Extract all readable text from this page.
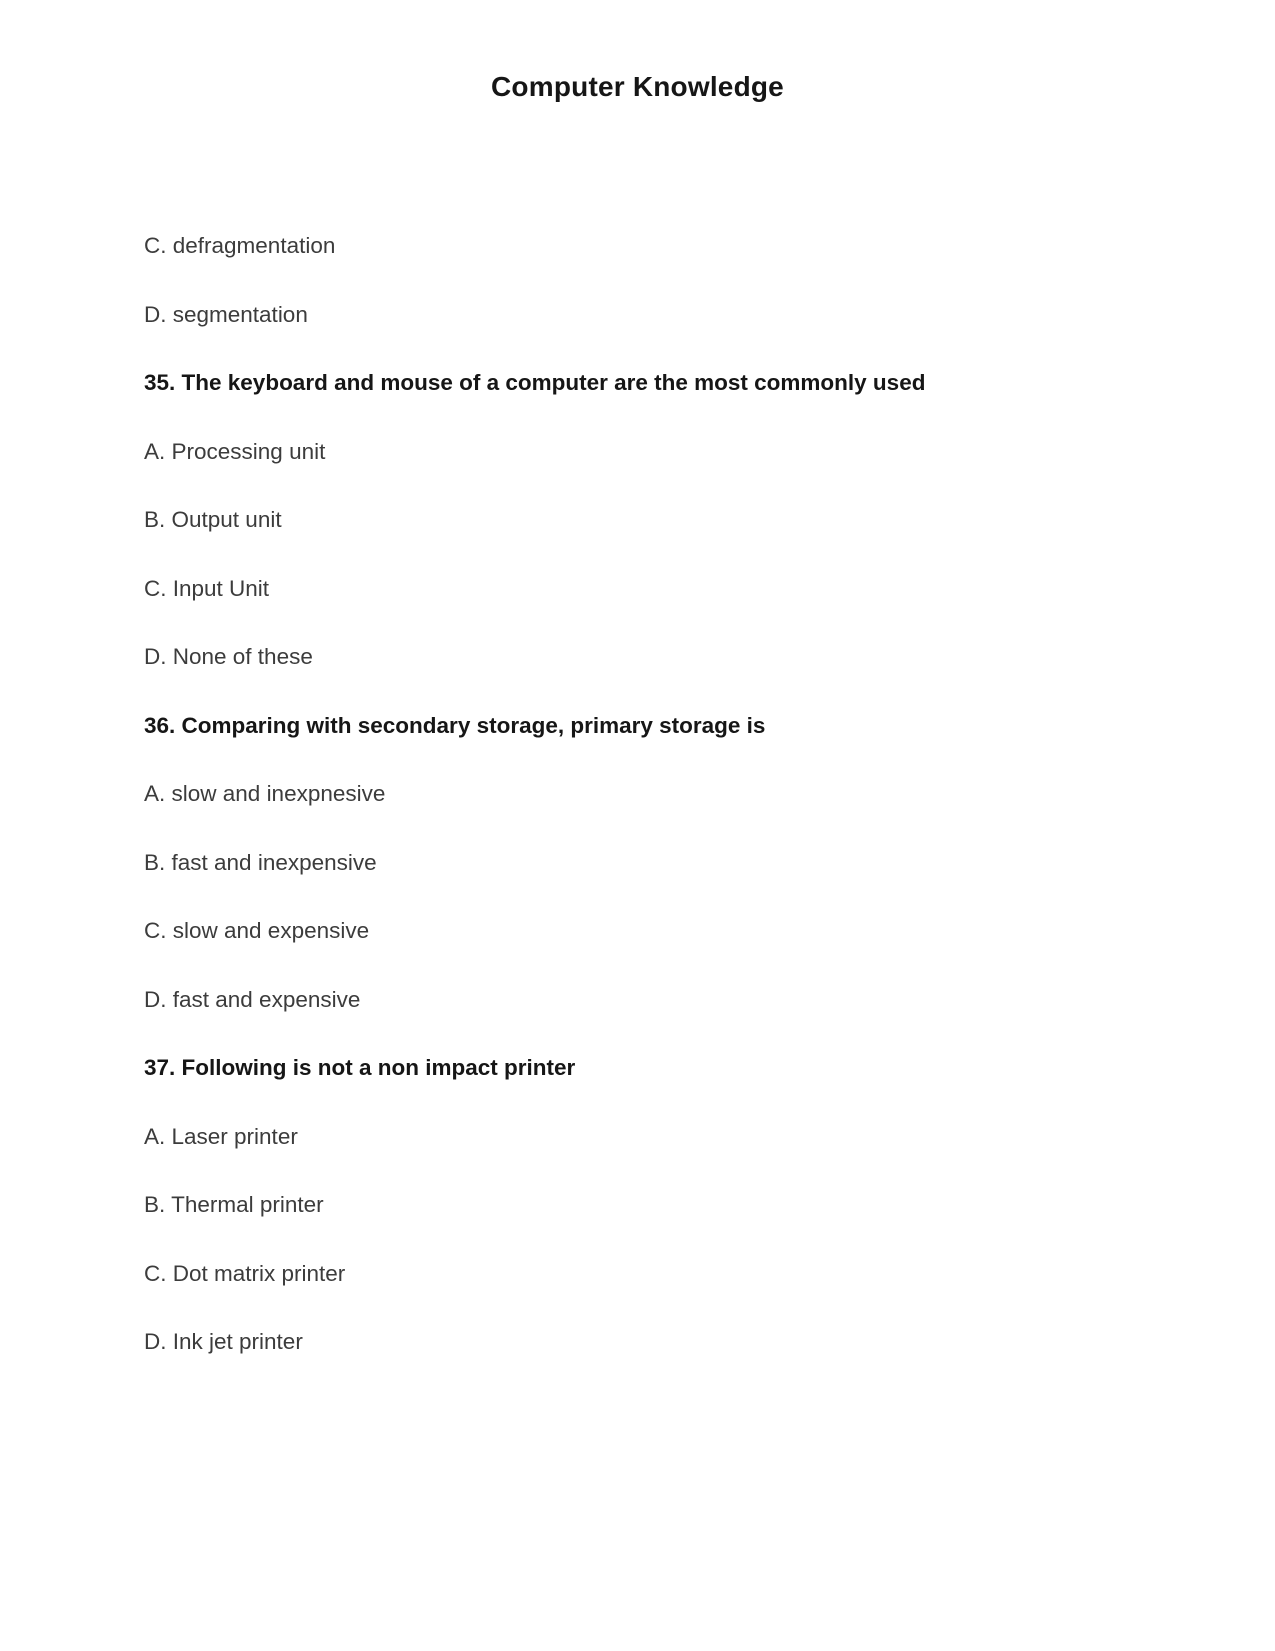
Computer Knowledge
C. defragmentation
D. segmentation
35. The keyboard and mouse of a computer are the most commonly used
A. Processing unit
B. Output unit
C. Input Unit
D. None of these
36. Comparing with secondary storage, primary storage is
A. slow and inexpnesive
B. fast and inexpensive
C. slow and expensive
D. fast and expensive
37. Following is not a non impact printer
A. Laser printer
B. Thermal printer
C. Dot matrix printer
D. Ink jet printer
